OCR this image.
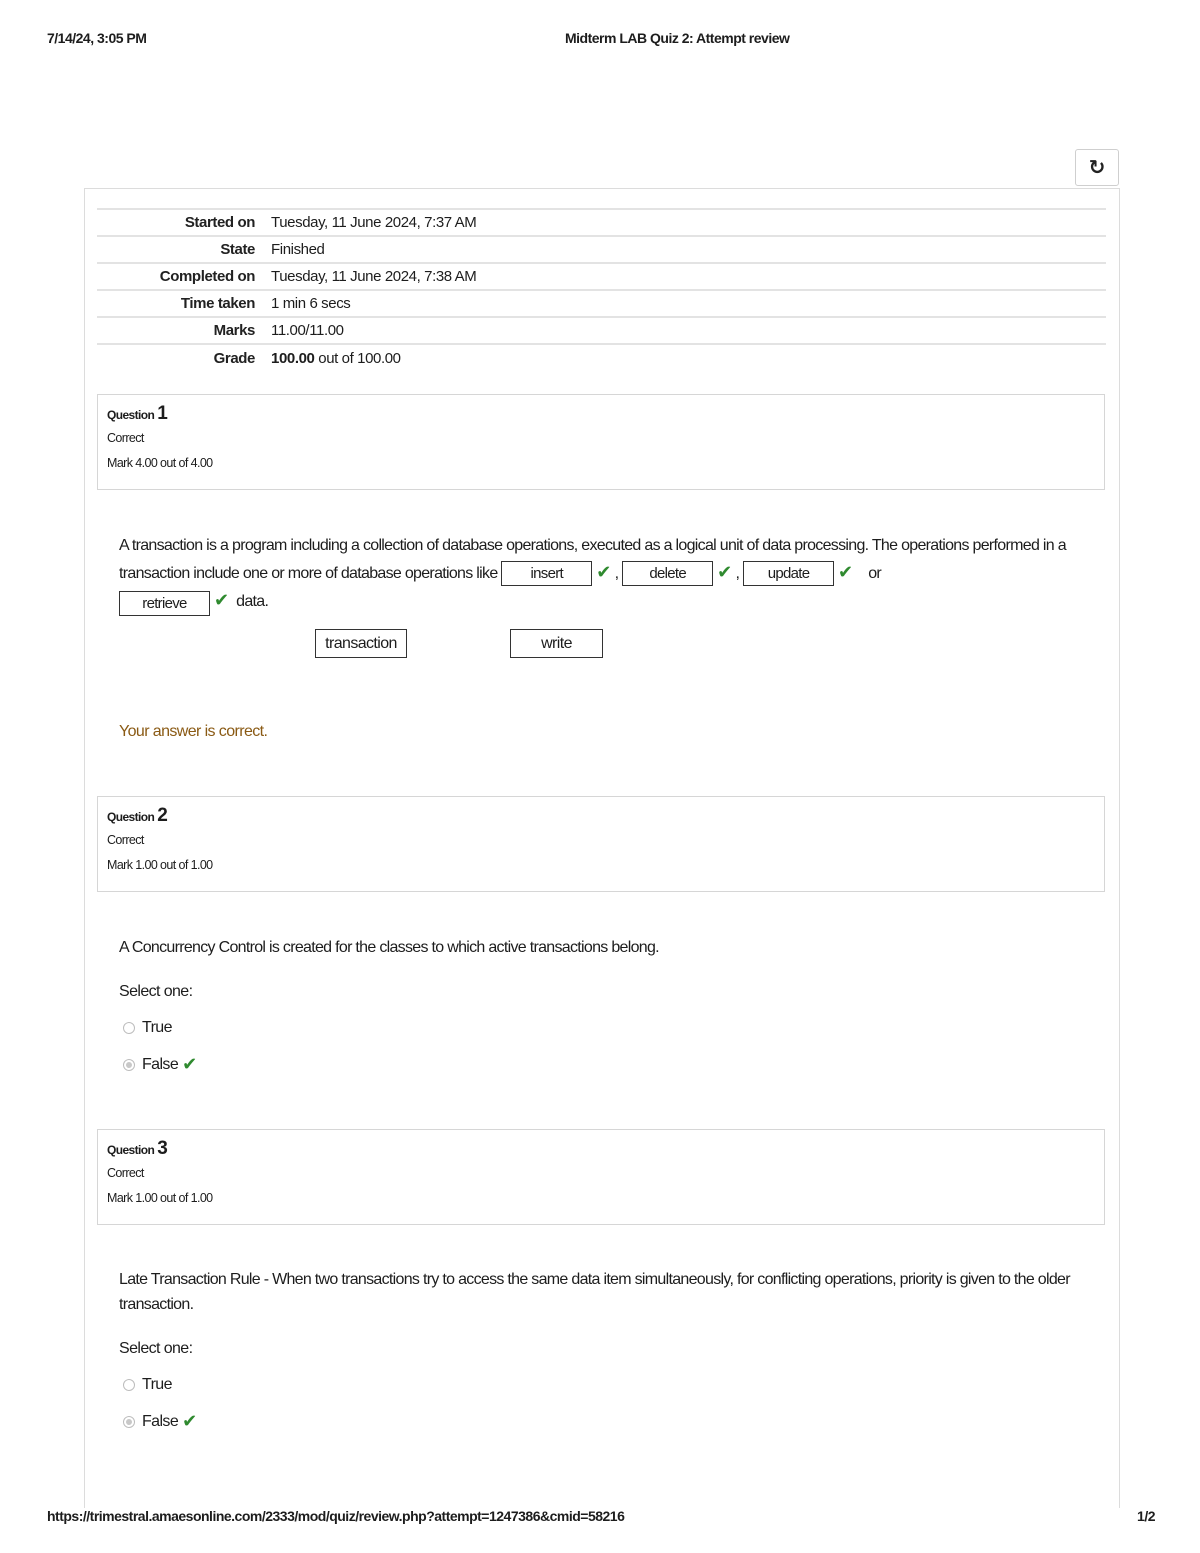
7/14/24, 3:05 PM	Midterm LAB Quiz 2: Attempt review
↻
Started on	Tuesday, 11 June 2024, 7:37 AM
State	Finished
Completed on	Tuesday, 11 June 2024, 7:38 AM
Time taken	1 min 6 secs
Marks	11.00/11.00
Grade	100.00 out of 100.00
Question 1
Correct
Mark 4.00 out of 4.00
A transaction is a program including a collection of database operations, executed as a logical unit of data processing. The operations performed in a transaction include one or more of database operations like insert ✔ , delete ✔ , update ✔ or
retrieve ✔ data.
transaction	write
Your answer is correct.
Question 2
Correct
Mark 1.00 out of 1.00
A Concurrency Control is created for the classes to which active transactions belong.
Select one:
True
False ✔
Question 3
Correct
Mark 1.00 out of 1.00
Late Transaction Rule - When two transactions try to access the same data item simultaneously, for conflicting operations, priority is given to the older transaction.
Select one:
True
False ✔
https://trimestral.amaesonline.com/2333/mod/quiz/review.php?attempt=1247386&cmid=58216	1/2
